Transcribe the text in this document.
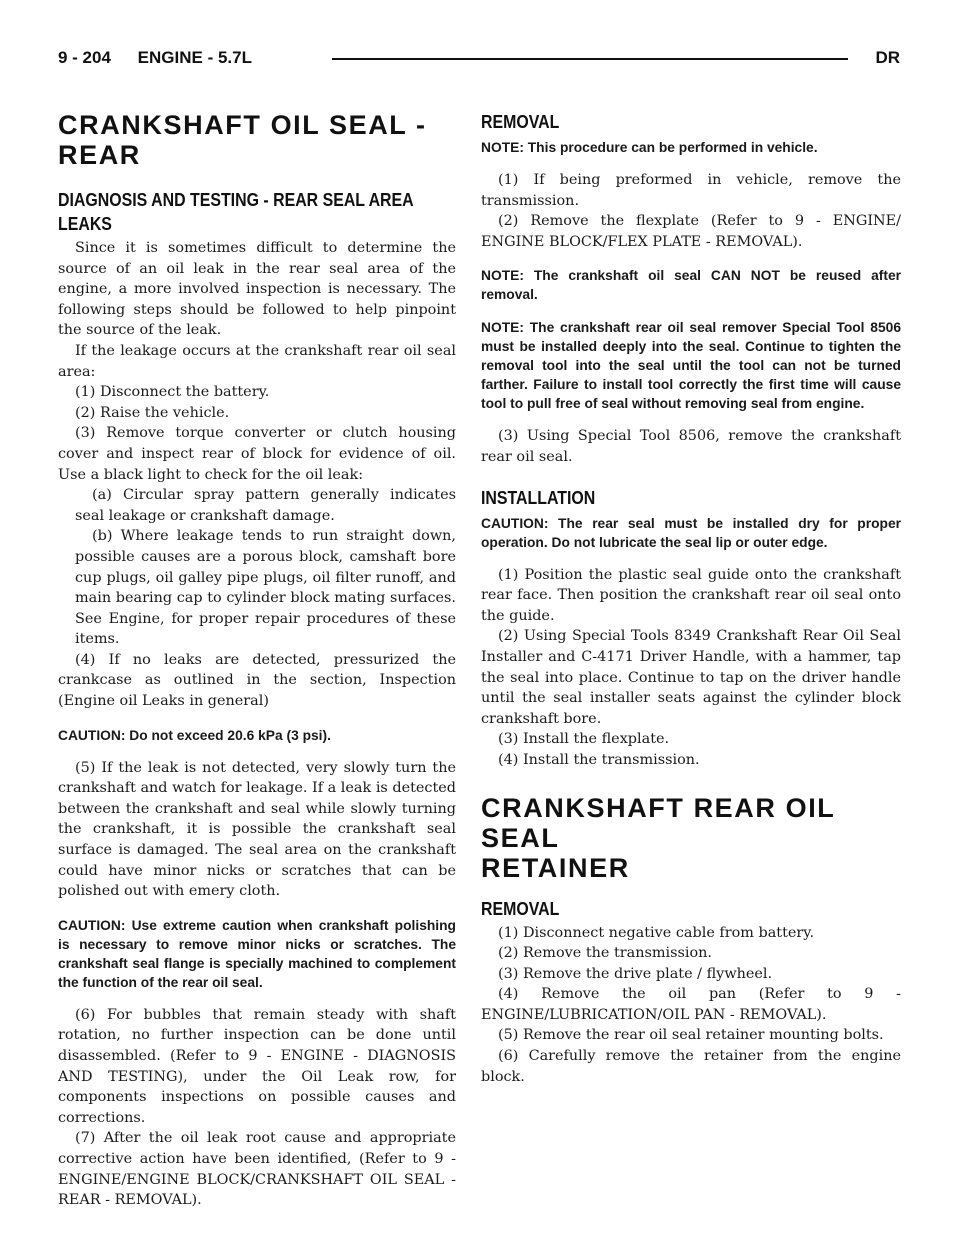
9 - 204 ENGINE - 5.7L	DR
CRANKSHAFT OIL SEAL -
REAR
DIAGNOSIS AND TESTING - REAR SEAL AREA
LEAKS

Since it is sometimes difficult to determine the source of an oil leak in the rear seal area of the engine, a more involved inspection is necessary. The following steps should be followed to help pinpoint the source of the leak.

If the leakage occurs at the crankshaft rear oil seal area:

(1) Disconnect the battery.

(2) Raise the vehicle.

(3) Remove torque converter or clutch housing cover and inspect rear of block for evidence of oil. Use a black light to check for the oil leak:

(a) Circular spray pattern generally indicates seal leakage or crankshaft damage.

(b) Where leakage tends to run straight down, possible causes are a porous block, camshaft bore cup plugs, oil galley pipe plugs, oil filter runoff, and main bearing cap to cylinder block mating surfaces. See Engine, for proper repair procedures of these items.

(4) If no leaks are detected, pressurized the crankcase as outlined in the section, Inspection (Engine oil Leaks in general)

CAUTION: Do not exceed 20.6 kPa (3 psi).

(5) If the leak is not detected, very slowly turn the crankshaft and watch for leakage. If a leak is detected between the crankshaft and seal while slowly turning the crankshaft, it is possible the crankshaft seal surface is damaged. The seal area on the crankshaft could have minor nicks or scratches that can be polished out with emery cloth.

CAUTION: Use extreme caution when crankshaft polishing is necessary to remove minor nicks or scratches. The crankshaft seal flange is specially machined to complement the function of the rear oil seal.

(6) For bubbles that remain steady with shaft rotation, no further inspection can be done until disassembled. (Refer to 9 - ENGINE - DIAGNOSIS AND TESTING), under the Oil Leak row, for components inspections on possible causes and corrections.

(7) After the oil leak root cause and appropriate corrective action have been identified, (Refer to 9 - ENGINE/ENGINE BLOCK/CRANKSHAFT OIL SEAL - REAR - REMOVAL).

REMOVAL
NOTE: This procedure can be performed in vehicle.

(1) If being preformed in vehicle, remove the transmission.

(2) Remove the flexplate (Refer to 9 - ENGINE/ ENGINE BLOCK/FLEX PLATE - REMOVAL).

NOTE: The crankshaft oil seal CAN NOT be reused after removal.
NOTE: The crankshaft rear oil seal remover Special Tool 8506 must be installed deeply into the seal. Continue to tighten the removal tool into the seal until the tool can not be turned farther. Failure to install tool correctly the first time will cause tool to pull free of seal without removing seal from engine.

(3) Using Special Tool 8506, remove the crankshaft rear oil seal.

INSTALLATION
CAUTION: The rear seal must be installed dry for proper operation. Do not lubricate the seal lip or outer edge.

(1) Position the plastic seal guide onto the crankshaft rear face. Then position the crankshaft rear oil seal onto the guide.

(2) Using Special Tools 8349 Crankshaft Rear Oil Seal Installer and C-4171 Driver Handle, with a hammer, tap the seal into place. Continue to tap on the driver handle until the seal installer seats against the cylinder block crankshaft bore.

(3) Install the flexplate.

(4) Install the transmission.

CRANKSHAFT REAR OIL SEAL
RETAINER
REMOVAL

(1) Disconnect negative cable from battery.

(2) Remove the transmission.

(3) Remove the drive plate / flywheel.

(4) Remove the oil pan (Refer to 9 - ENGINE/LUBRICATION/OIL PAN - REMOVAL).

(5) Remove the rear oil seal retainer mounting bolts.

(6) Carefully remove the retainer from the engine block.
